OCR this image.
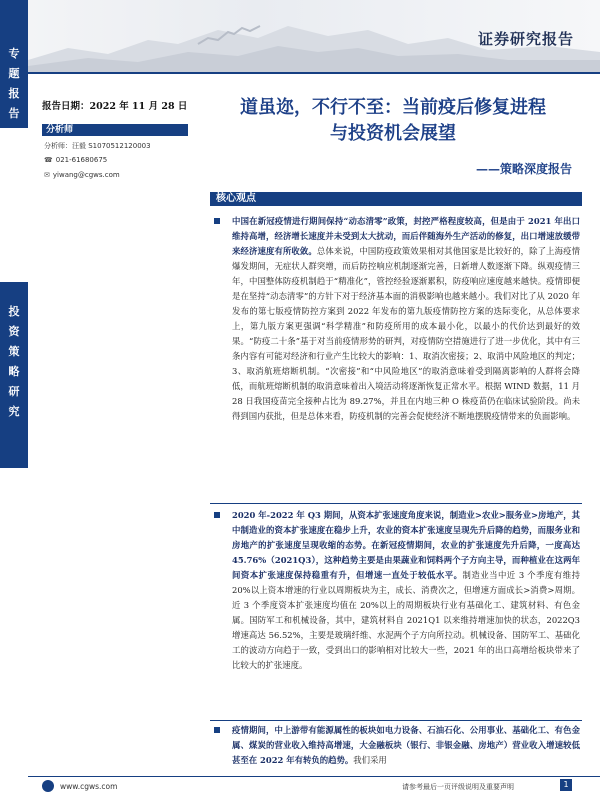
专
题
报
告
投
资
策
略
研
究
证券研究报告
报告日期：2022 年 11 月 28 日
分析师
分析师：汪毅 S1070512120003
☎ 021-61680675
✉ yiwang@cgws.com
道虽迩，不行不至：当前疫后修复进程
与投资机会展望
——策略深度报告
核心观点
中国在新冠疫情进行期间保持“动态清零”政策，封控严格程度较高，但是由于 2021 年出口维持高增，经济增长速度并未受到太大扰动，而后伴随海外生产活动的修复，出口增速放缓带来经济速度有所收敛。总体来说，中国防疫政策效果相对其他国家是比较好的，除了上海疫情爆发期间，无症状人群突增，而后防控响应机制逐渐完善，日新增人数逐渐下降。纵观疫情三年，中国整体防疫机制趋于“精准化”，管控经验逐渐累积，防疫响应速度越来越快。疫情即便是在坚持“动态清零”的方针下对于经济基本面的消极影响也越来越小。我们对比了从 2020 年发布的第七版疫情防控方案到 2022 年发布的第九版疫情防控方案的迭际变化，从总体要求上，第九版方案更强调“科学精准”和防疫所用的成本最小化，以最小的代价达到最好的效果。“防疫二十条”基于对当前疫情形势的研判，对疫情防空措施进行了进一步优化，其中有三条内容有可能对经济和行业产生比较大的影响：1、取消次密接；2、取消中风险地区的判定；3、取消航班熔断机制。“次密接”和“中风险地区”的取消意味着受到隔离影响的人群将会降低，而航班熔断机制的取消意味着出入境活动将逐渐恢复正常水平。根据 WIND 数据，11 月 28 日我国疫苗完全接种占比为 89.27%，并且在内地三种 O 株疫苗仍在临床试验阶段。尚未得到国内获批，但是总体来看，防疫机制的完善会促使经济不断地摆脱疫情带来的负面影响。
2020 年-2022 年 Q3 期间，从资本扩张速度角度来说，制造业>农业>服务业>房地产，其中制造业的资本扩张速度在稳步上升，农业的资本扩张速度呈现先升后降的趋势，而服务业和房地产的扩张速度呈现收缩的态势。在新冠疫情期间，农业的扩张速度先升后降，一度高达 45.76%（2021Q3），这种趋势主要是由果蔬业和饲料两个子方向主导，而种植业在这两年间资本扩张速度保持稳重有升，但增速一直处于较低水平。制造业当中近 3 个季度有维持 20%以上资本增速的行业以周期板块为主，成长、消费次之，但增速方面成长>消费>周期。近 3 个季度资本扩张速度均值在 20%以上的周期板块行业有基础化工、建筑材料、有色金属。国防军工和机械设备，其中，建筑材料自 2021Q1 以来维持增速加快的状态，2022Q3 增速高达 56.52%，主要是玻璃纤维、水泥两个子方向所拉动。机械设备、国防军工、基础化工的波动方向趋于一致，受到出口的影响相对比较大一些，2021 年的出口高增给板块带来了比较大的扩张速度。
疫情期间，中上游带有能源属性的板块如电力设备、石油石化、公用事业、基础化工、有色金属、煤炭的营业收入维持高增速，大金融板块（银行、非银金融、房地产）营业收入增速较低甚至在 2022 年有转负的趋势。我们采用
www.cgws.com	请参考最后一页评级说明及重要声明	1
